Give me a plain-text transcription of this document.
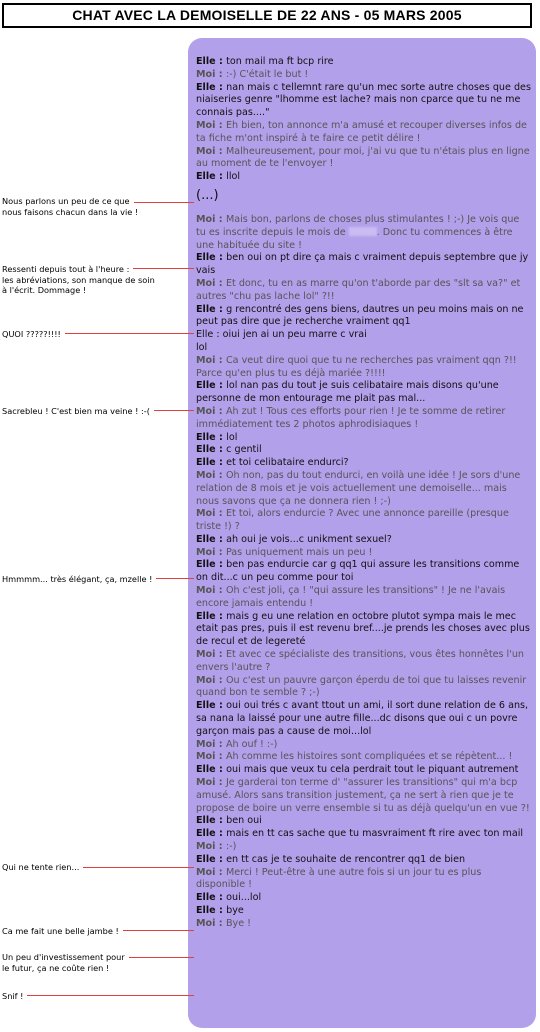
CHAT AVEC LA DEMOISELLE DE 22 ANS - 05 MARS 2005
Elle : ton mail ma ft bcp rire
Moi : :-) C'était le but !
Elle : nan mais c tellemnt rare qu'un mec sorte autre choses que des niaiseries genre "lhomme est lache? mais non cparce que tu ne me connais pas...."
Moi : Eh bien, ton annonce m'a amusé et recouper diverses infos de ta fiche m'ont inspiré à te faire ce petit délire !
Moi : Malheureusement, pour moi, j'ai vu que tu n'étais plus en ligne au moment de te l'envoyer !
Elle : llol
(...)
Moi : Mais bon, parlons de choses plus stimulantes ! ;-) Je vois que tu es inscrite depuis le mois de	. Donc tu commences à être une habituée du site !
Elle : ben oui on pt dire ça mais c vraiment depuis septembre que jy vais
Moi : Et donc, tu en as marre qu'on t'aborde par des "slt sa va?" et autres "chu pas lache lol" ?!!
Elle : g rencontré des gens biens, dautres un peu moins mais on ne peut pas dire que je recherche vraiment qq1
Elle : oiui jen ai un peu marre c vrai
lol
Moi : Ca veut dire quoi que tu ne recherches pas vraiment qqn ?!! Parce qu'en plus tu es déjà mariée ?!!!!
Elle : lol nan pas du tout je suis celibataire mais disons qu'une personne de mon entourage me plait pas mal...
Moi : Ah zut ! Tous ces efforts pour rien ! Je te somme de retirer immédiatement tes 2 photos aphrodisiaques !
Elle : lol
Elle : c gentil
Elle : et toi celibataire endurci?
Moi : Oh non, pas du tout endurci, en voilà une idée ! Je sors d'une relation de 8 mois et je vois actuellement une demoiselle... mais nous savons que ça ne donnera rien ! ;-)
Moi : Et toi, alors endurcie ? Avec une annonce pareille (presque triste !) ?
Elle : ah oui je vois...c unikment sexuel?
Moi : Pas uniquement mais un peu !
Elle : ben pas endurcie car g qq1 qui assure les transitions comme on dit...c un peu comme pour toi
Moi : Oh c'est joli, ça ! "qui assure les transitions" ! Je ne l'avais encore jamais entendu !
Elle : mais g eu une relation en octobre plutot sympa mais le mec etait pas pres, puis il est revenu bref....je prends les choses avec plus de recul et de legereté
Moi : Et avec ce spécialiste des transitions, vous êtes honnêtes l'un envers l'autre ?
Moi : Ou c'est un pauvre garçon éperdu de toi que tu laisses revenir quand bon te semble ? ;-)
Elle : oui oui trés c avant ttout un ami, il sort dune relation de 6 ans, sa nana la laissé pour une autre fille...dc disons que oui c un povre garçon mais pas a cause de moi...lol
Moi : Ah ouf ! :-)
Moi : Ah comme les histoires sont compliquées et se répètent... !
Elle : oui mais que veux tu cela perdrait tout le piquant autrement
Moi : Je garderai ton terme d' "assurer les transitions" qui m'a bcp amusé. Alors sans transition justement, ça ne sert à rien que je te propose de boire un verre ensemble si tu as déjà quelqu'un en vue ?!
Elle : ben oui
Elle : mais en tt cas sache que tu masvraiment ft rire avec ton mail
Moi : :-)
Elle : en tt cas je te souhaite de rencontrer qq1 de bien
Moi : Merci ! Peut-être à une autre fois si un jour tu es plus disponible !
Elle : oui...lol
Elle : bye
Moi : Bye !
Nous parlons un peu de ce que
nous faisons chacun dans la vie !
Ressenti depuis tout à l'heure :
les abréviations, son manque de soin
à l'écrit. Dommage !
QUOI ?????!!!!
Sacrebleu ! C'est bien ma veine ! :-(
Hmmmm... très élégant, ça, mzelle !
Qui ne tente rien...
Ca me fait une belle jambe !
Un peu d'investissement pour
le futur, ça ne coûte rien !
Snif !
